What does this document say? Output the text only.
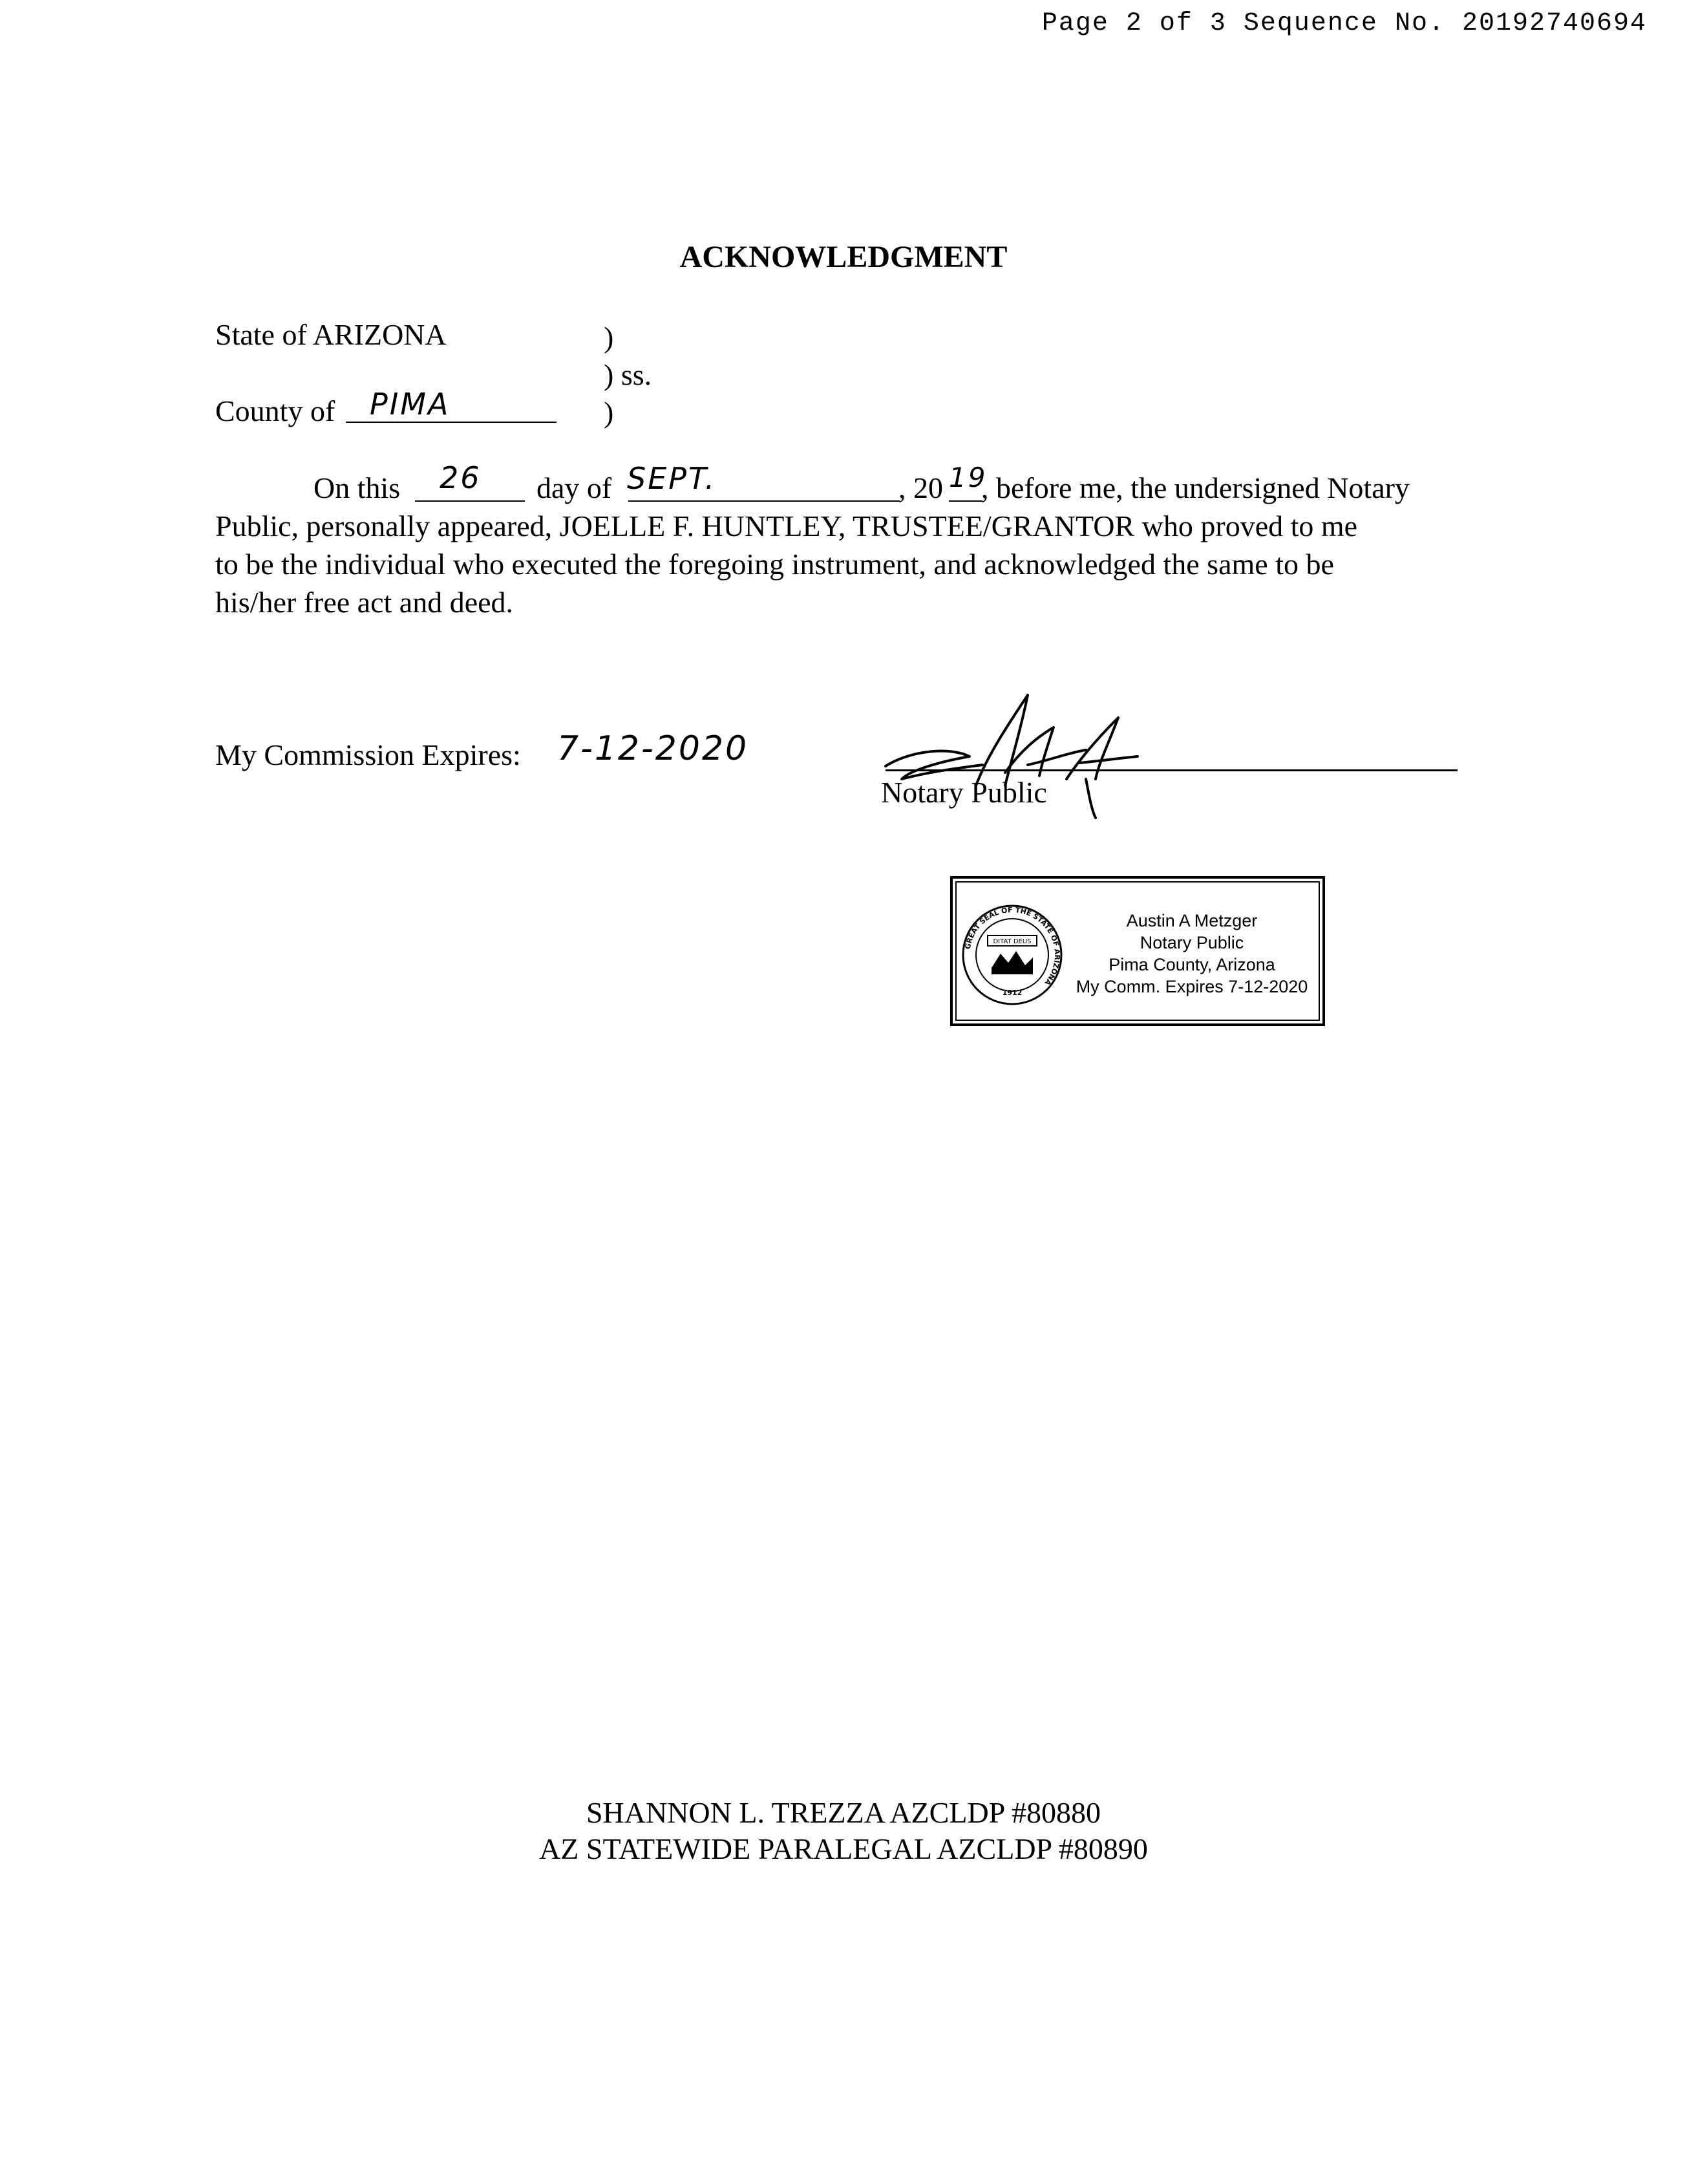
Page 2 of 3 Sequence No. 20192740694
ACKNOWLEDGMENT
State of ARIZONA	)
) ss.
County of PIMA	)
On this 26 day of SEPT.	, 20 19
, before me, the undersigned Notary
Public, personally appeared, JOELLE F. HUNTLEY, TRUSTEE/GRANTOR who proved to me
to be the individual who executed the foregoing instrument, and acknowledged the same to be
his/her free act and deed.
My Commission Expires: 7-12-2020
Notary Public
GREAT SEAL OF THE STATE OF ARIZONA
DITAT DEUS
1912
Austin A Metzger
Notary Public
Pima County, Arizona
My Comm. Expires 7-12-2020
SHANNON L. TREZZA AZCLDP #80880
AZ STATEWIDE PARALEGAL AZCLDP #80890
